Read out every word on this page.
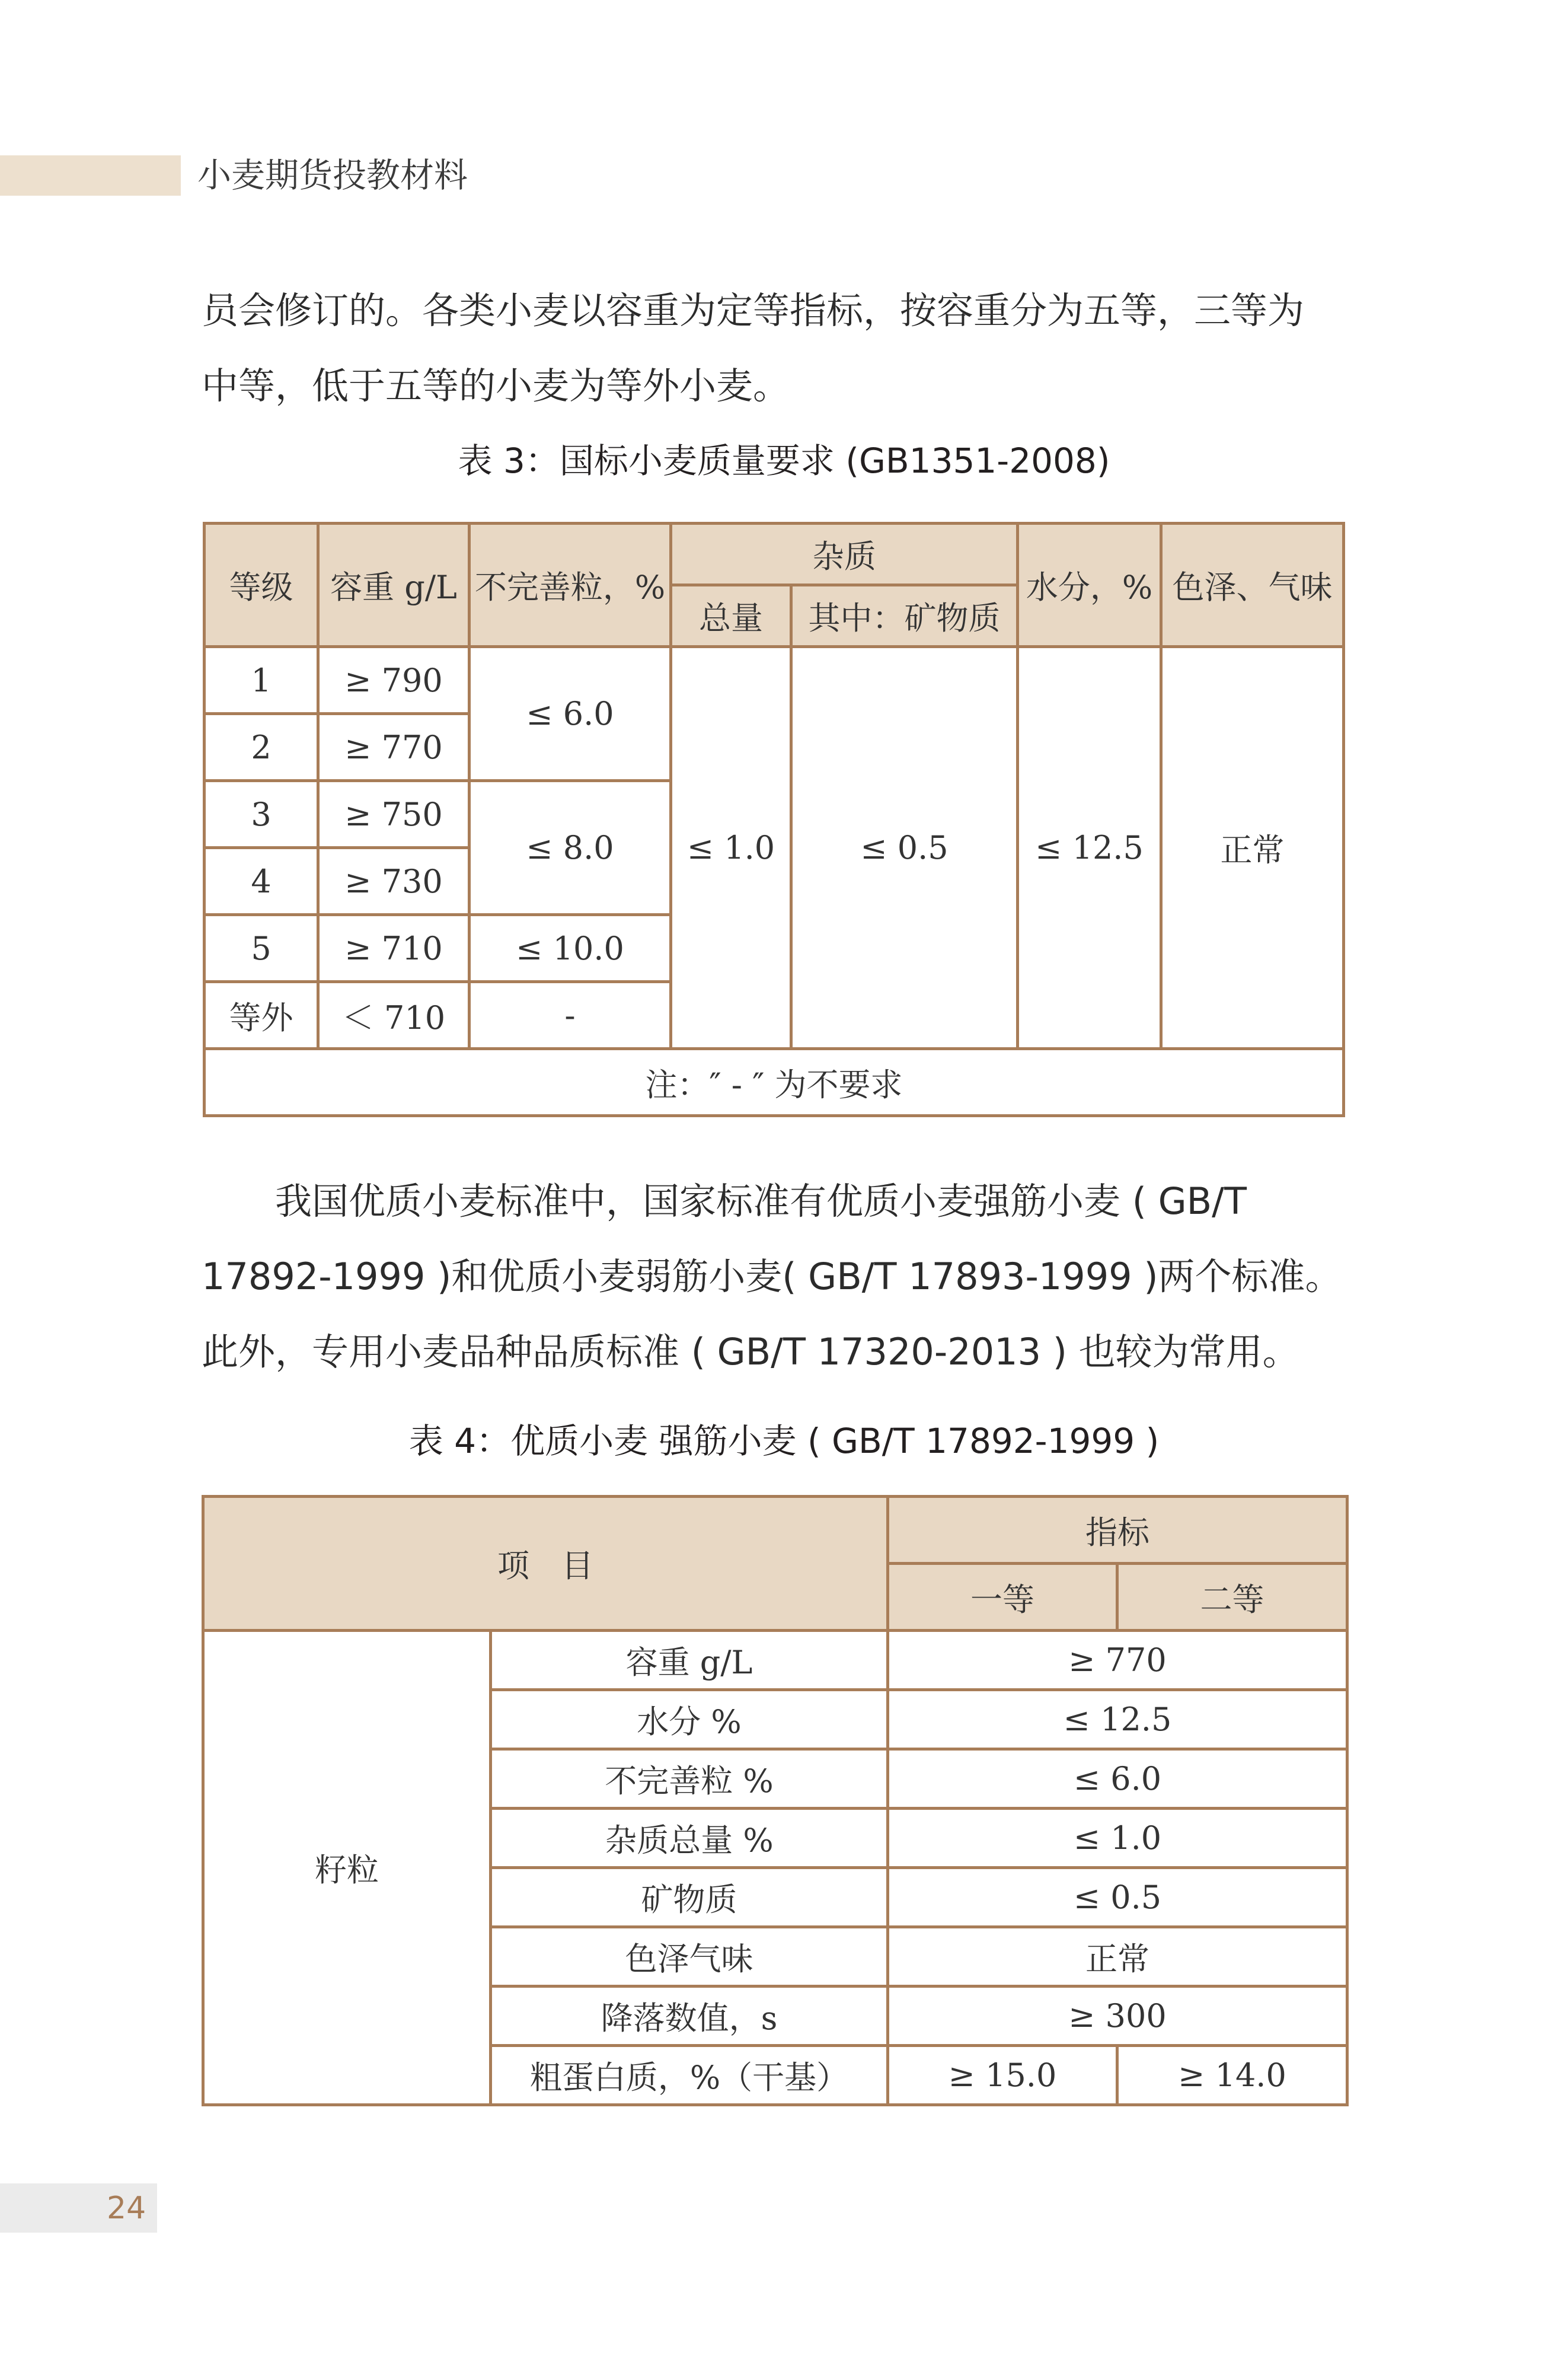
小麦期货投教材料

员会修订的。各类小麦以容重为定等指标，按容重分为五等，三等为

中等，低于五等的小麦为等外小麦。

表 3：国标小麦质量要求 (GB1351-2008)
等级	容重 g/L	不完善粒，%	杂质		水分，%	色泽、气味
			总量	其中：矿物质		
1	≥ 790	≤ 6.0	≤ 1.0	≤ 0.5	≤ 12.5	正常
2	≥ 770					
3	≥ 750	≤ 8.0				
4	≥ 730					
5	≥ 710	≤ 10.0				
等外	＜ 710	-				
注：″ - ″ 为不要求						

我国优质小麦标准中，国家标准有优质小麦强筋小麦 ( GB/T

17892-1999 )和优质小麦弱筋小麦( GB/T 17893-1999 )两个标准。

此外，专用小麦品种品质标准 ( GB/T 17320-2013 ) 也较为常用。

表 4：优质小麦 强筋小麦 ( GB/T 17892-1999 )
项　目		指标	
		一等	二等
籽粒	容重 g/L	≥ 770	
	水分 %	≤ 12.5	
	不完善粒 %	≤ 6.0	
	杂质总量 %	≤ 1.0	
	矿物质	≤ 0.5	
	色泽气味	正常	
	降落数值，s	≥ 300	
	粗蛋白质，%（干基）	≥ 15.0	≥ 14.0
24
